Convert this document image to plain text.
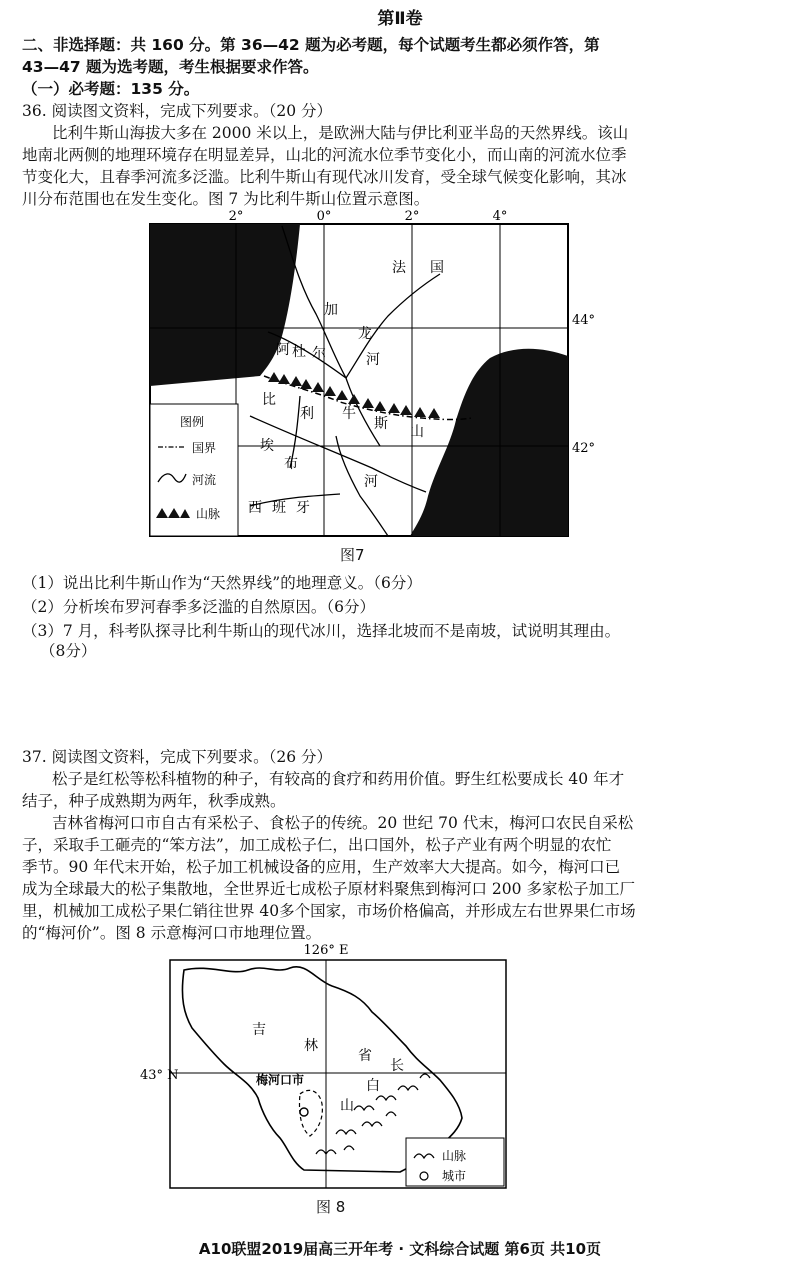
第Ⅱ卷
二、非选择题：共 160 分。第 36—42 题为必考题，每个试题考生都必须作答，第
43—47 题为选考题，考生根据要求作答。
（一）必考题：135 分。
36. 阅读图文资料，完成下列要求。（20 分）
比利牛斯山海拔大多在 2000 米以上，是欧洲大陆与伊比利亚半岛的天然界线。该山
地南北两侧的地理环境存在明显差异，山北的河流水位季节变化小，而山南的河流水位季
节变化大，且春季河流多泛滥。比利牛斯山有现代冰川发育，受全球气候变化影响，其冰
川分布范围也在发生变化。图 7 为比利牛斯山位置示意图。
2°	0°	2°	4°
44°
42°
法 国
加
龙
河
阿 杜 尔
比
利 牛
斯 山
埃
布
河
西 班 牙
图例
国界
河流
山脉
图7
（1）说出比利牛斯山作为“天然界线”的地理意义。（6分）
（2）分析埃布罗河春季多泛滥的自然原因。（6分）
（3）7 月，科考队探寻比利牛斯山的现代冰川，选择北坡而不是南坡，试说明其理由。
（8分）
37. 阅读图文资料，完成下列要求。（26 分）
松子是红松等松科植物的种子，有较高的食疗和药用价值。野生红松要成长 40 年才
结子，种子成熟期为两年，秋季成熟。
吉林省梅河口市自古有采松子、食松子的传统。20 世纪 70 代末，梅河口农民自采松
子，采取手工砸壳的“笨方法”，加工成松子仁，出口国外，松子产业有两个明显的农忙
季节。90 年代末开始，松子加工机械设备的应用，生产效率大大提高。如今，梅河口已
成为全球最大的松子集散地，全世界近七成松子原材料聚焦到梅河口 200 多家松子加工厂
里，机械加工成松子果仁销往世界 40多个国家，市场价格偏高，并形成左右世界果仁市场
的“梅河价”。图 8 示意梅河口市地理位置。
126° E
43° N
吉
林
省
长
白
山
梅河口市
山脉
城市
图 8
A10联盟2019届高三开年考 · 文科综合试题 第6页 共10页
